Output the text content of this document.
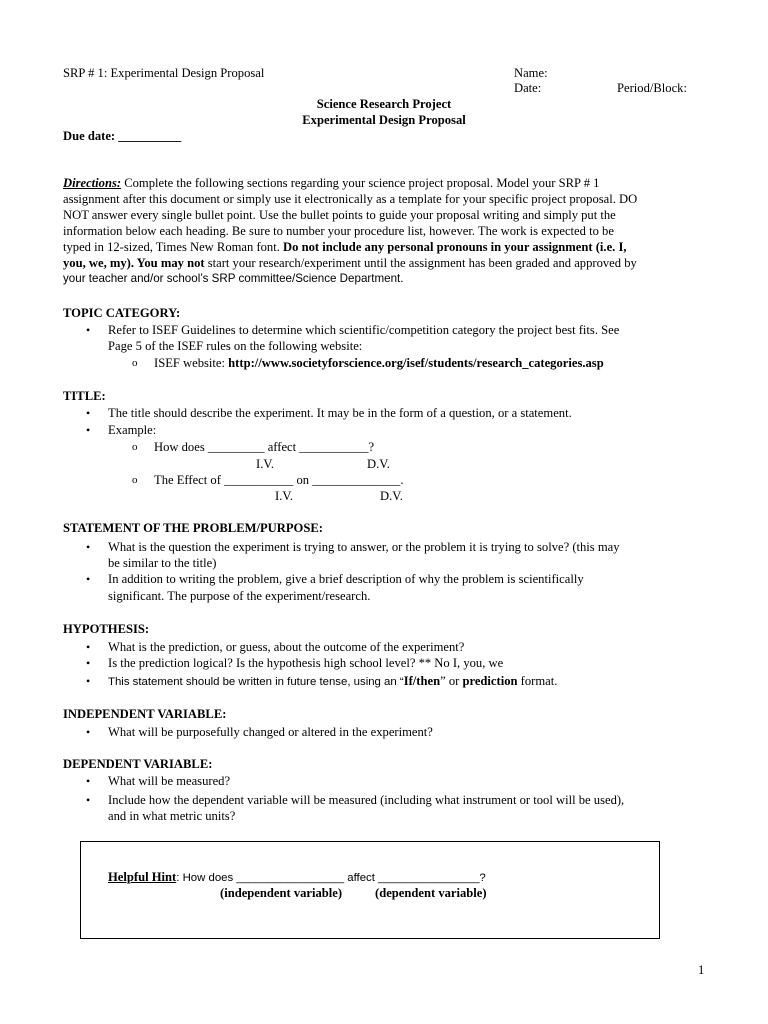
SRP # 1: Experimental Design Proposal	Name:
Date:	Period/Block:
Science Research Project
Experimental Design Proposal
Due date: __________
Directions: Complete the following sections regarding your science project proposal. Model your SRP # 1
assignment after this document or simply use it electronically as a template for your specific project proposal. DO
NOT answer every single bullet point. Use the bullet points to guide your proposal writing and simply put the
information below each heading. Be sure to number your procedure list, however. The work is expected to be
typed in 12-sized, Times New Roman font. Do not include any personal pronouns in your assignment (i.e. I,
you, we, my). You may not start your research/experiment until the assignment has been graded and approved by
your teacher and/or school’s SRP committee/Science Department.
TOPIC CATEGORY:
• Refer to ISEF Guidelines to determine which scientific/competition category the project best fits. See
Page 5 of the ISEF rules on the following website:
o ISEF website: http://www.societyforscience.org/isef/students/research_categories.asp
TITLE:
• The title should describe the experiment. It may be in the form of a question, or a statement.
• Example:
o How does _________ affect ___________?
I.V.	D.V.
o The Effect of ___________ on ______________.
I.V.	D.V.
STATEMENT OF THE PROBLEM/PURPOSE:
• What is the question the experiment is trying to answer, or the problem it is trying to solve? (this may
be similar to the title)
• In addition to writing the problem, give a brief description of why the problem is scientifically
significant. The purpose of the experiment/research.
HYPOTHESIS:
• What is the prediction, or guess, about the outcome of the experiment?
• Is the prediction logical? Is the hypothesis high school level? ** No I, you, we
• This statement should be written in future tense, using an “If/then” or prediction format.
INDEPENDENT VARIABLE:
• What will be purposefully changed or altered in the experiment?
DEPENDENT VARIABLE:
• What will be measured?
• Include how the dependent variable will be measured (including what instrument or tool will be used),
and in what metric units?
Helpful Hint: How does _________________ affect ________________?
(independent variable)	(dependent variable)
1
